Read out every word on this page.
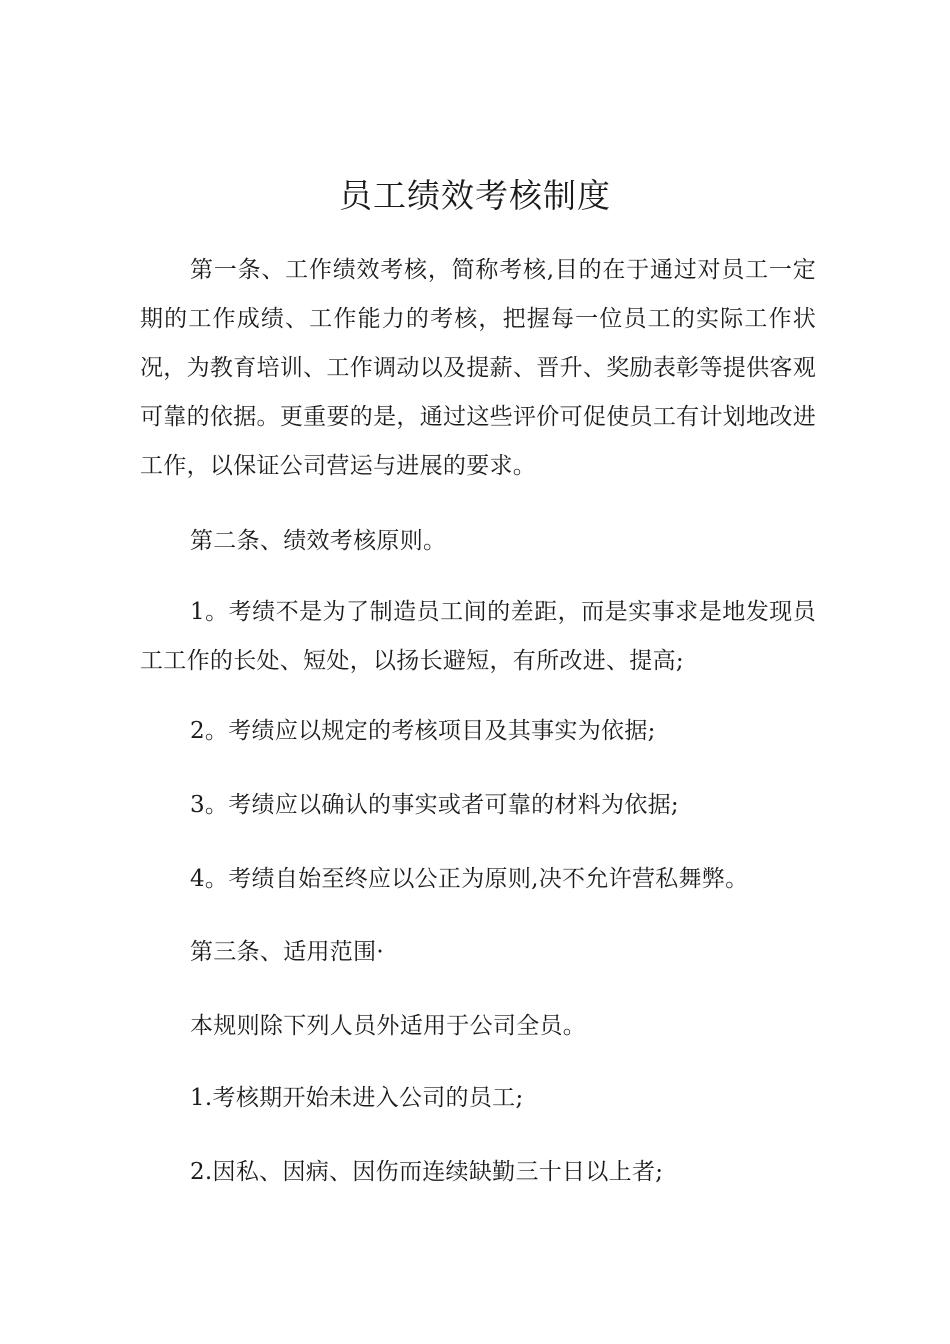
员工绩效考核制度

第一条、工作绩效考核，简称考核,目的在于通过对员工一定期的工作成绩、工作能力的考核，把握每一位员工的实际工作状况，为教育培训、工作调动以及提薪、晋升、奖励表彰等提供客观可靠的依据。更重要的是，通过这些评价可促使员工有计划地改进工作，以保证公司营运与进展的要求。

第二条、绩效考核原则。

1。考绩不是为了制造员工间的差距，而是实事求是地发现员工工作的长处、短处，以扬长避短，有所改进、提高;

2。考绩应以规定的考核项目及其事实为依据;

3。考绩应以确认的事实或者可靠的材料为依据;

4。考绩自始至终应以公正为原则,决不允许营私舞弊。

第三条、适用范围·

本规则除下列人员外适用于公司全员。

1.考核期开始未进入公司的员工;

2.因私、因病、因伤而连续缺勤三十日以上者;
